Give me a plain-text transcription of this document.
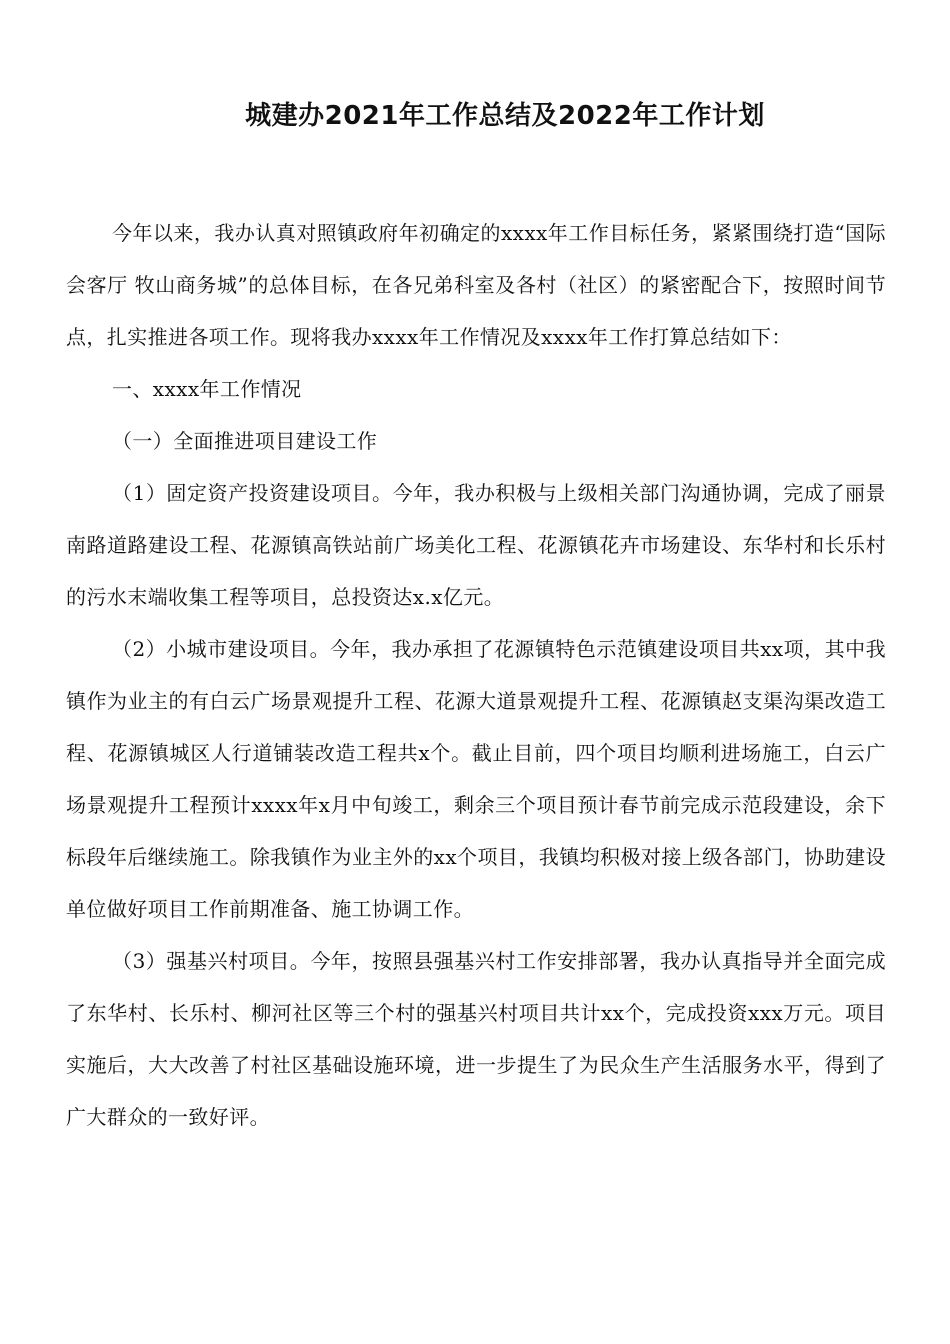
城建办2021年工作总结及2022年工作计划

今年以来，我办认真对照镇政府年初确定的xxxx年工作目标任务，紧紧围绕打造“国际会客厅 牧山商务城”的总体目标，在各兄弟科室及各村（社区）的紧密配合下，按照时间节点，扎实推进各项工作。现将我办xxxx年工作情况及xxxx年工作打算总结如下：

一、xxxx年工作情况

（一）全面推进项目建设工作

（1）固定资产投资建设项目。今年，我办积极与上级相关部门沟通协调，完成了丽景南路道路建设工程、花源镇高铁站前广场美化工程、花源镇花卉市场建设、东华村和长乐村的污水末端收集工程等项目，总投资达x.x亿元。

（2）小城市建设项目。今年，我办承担了花源镇特色示范镇建设项目共xx项，其中我镇作为业主的有白云广场景观提升工程、花源大道景观提升工程、花源镇赵支渠沟渠改造工程、花源镇城区人行道铺装改造工程共x个。截止目前，四个项目均顺利进场施工，白云广场景观提升工程预计xxxx年x月中旬竣工，剩余三个项目预计春节前完成示范段建设，余下标段年后继续施工。除我镇作为业主外的xx个项目，我镇均积极对接上级各部门，协助建设单位做好项目工作前期准备、施工协调工作。

（3）强基兴村项目。今年，按照县强基兴村工作安排部署，我办认真指导并全面完成了东华村、长乐村、柳河社区等三个村的强基兴村项目共计xx个，完成投资xxx万元。项目实施后，大大改善了村社区基础设施环境，进一步提生了为民众生产生活服务水平，得到了广大群众的一致好评。
